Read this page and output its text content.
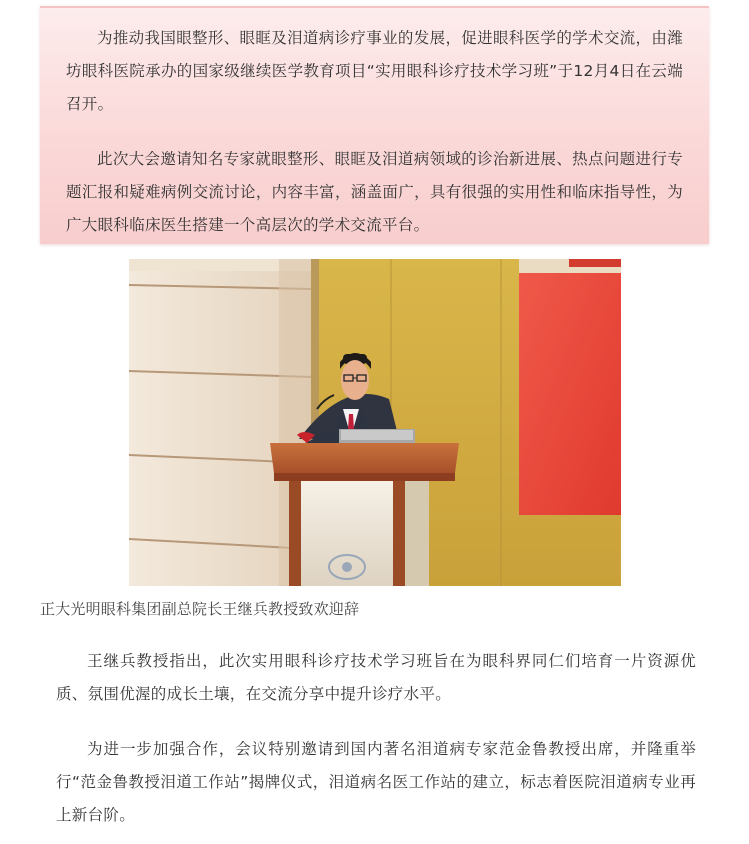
为推动我国眼整形、眼眶及泪道病诊疗事业的发展，促进眼科医学的学术交流，由潍坊眼科医院承办的国家级继续医学教育项目“实用眼科诊疗技术学习班”于12月4日在云端召开。

此次大会邀请知名专家就眼整形、眼眶及泪道病领域的诊治新进展、热点问题进行专题汇报和疑难病例交流讨论，内容丰富，涵盖面广，具有很强的实用性和临床指导性，为广大眼科临床医生搭建一个高层次的学术交流平台。

正大光明眼科集团副总院长王继兵教授致欢迎辞

王继兵教授指出，此次实用眼科诊疗技术学习班旨在为眼科界同仁们培育一片资源优质、氛围优渥的成长土壤，在交流分享中提升诊疗水平。

为进一步加强合作，会议特别邀请到国内著名泪道病专家范金鲁教授出席，并隆重举行“范金鲁教授泪道工作站”揭牌仪式，泪道病名医工作站的建立，标志着医院泪道病专业再上新台阶。
